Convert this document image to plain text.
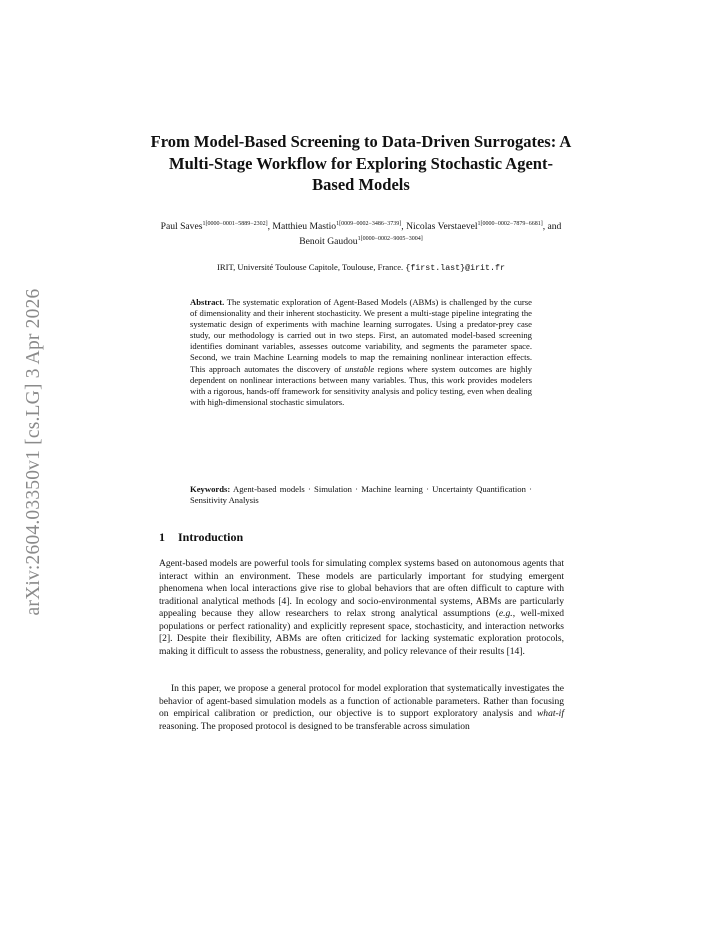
arXiv:2604.03350v1 [cs.LG] 3 Apr 2026
From Model-Based Screening to Data-Driven Surrogates: A Multi-Stage Workflow for Exploring Stochastic Agent-Based Models
Paul Saves$^{1[0000-0001-5889-2302]}$, Matthieu Mastio$^{1[0009-0002-3486-3739]}$, Nicolas Verstaevel$^{1[0000-0002-7879-6681]}$, and Benoit Gaudou$^{1[0000-0002-9005-3004]}$
IRIT, Université Toulouse Capitole, Toulouse, France. {first.last}@irit.fr

Abstract. The systematic exploration of Agent-Based Models (ABMs) is challenged by the curse of dimensionality and their inherent stochasticity. We present a multi-stage pipeline integrating the systematic design of experiments with machine learning surrogates. Using a predator-prey case study, our methodology is carried out in two steps. First, an automated model-based screening identifies dominant variables, assesses outcome variability, and segments the parameter space. Second, we train Machine Learning models to map the remaining nonlinear interaction effects. This approach automates the discovery of unstable regions where system outcomes are highly dependent on nonlinear interactions between many variables. Thus, this work provides modelers with a rigorous, hands-off framework for sensitivity analysis and policy testing, even when dealing with high-dimensional stochastic simulators.

Keywords: Agent-based models · Simulation · Machine learning · Uncertainty Quantification · Sensitivity Analysis

1 Introduction

Agent-based models are powerful tools for simulating complex systems based on autonomous agents that interact within an environment. These models are particularly important for studying emergent phenomena when local interactions give rise to global behaviors that are often difficult to capture with traditional analytical methods [4]. In ecology and socio-environmental systems, ABMs are particularly appealing because they allow researchers to relax strong analytical assumptions (e.g., well-mixed populations or perfect rationality) and explicitly represent space, stochasticity, and interaction networks [2]. Despite their flexibility, ABMs are often criticized for lacking systematic exploration protocols, making it difficult to assess the robustness, generality, and policy relevance of their results [14].

In this paper, we propose a general protocol for model exploration that systematically investigates the behavior of agent-based simulation models as a function of actionable parameters. Rather than focusing on empirical calibration or prediction, our objective is to support exploratory analysis and what-if reasoning. The proposed protocol is designed to be transferable across simulation
